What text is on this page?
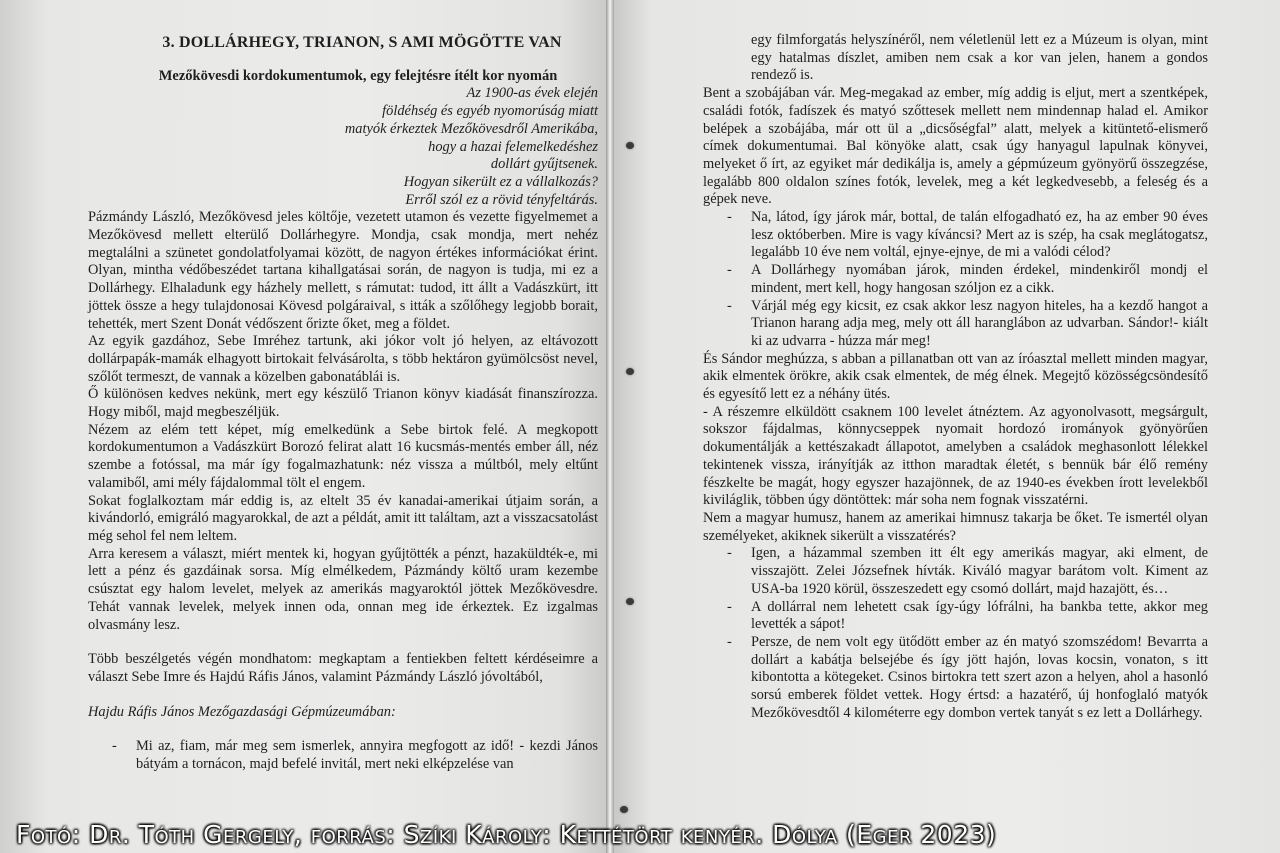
3. DOLLÁRHEGY, TRIANON, S AMI MÖGÖTTE VAN

Mezőkövesdi kordokumentumok, egy felejtésre ítélt kor nyomán

Az 1900-as évek elején

földéhség és egyéb nyomorúság miatt

matyók érkeztek Mezőkövesdről Amerikába,

hogy a hazai felemelkedéshez

dollárt gyűjtsenek.

Hogyan sikerült ez a vállalkozás?

Erről szól ez a rövid tényfeltárás.

Pázmándy László, Mezőkövesd jeles költője, vezetett utamon és vezette figyelmemet a Mezőkövesd mellett elterülő Dollárhegyre. Mondja, csak mondja, mert nehéz megtalálni a szünetet gondolatfolyamai között, de nagyon értékes információkat érint. Olyan, mintha védőbeszédet tartana kihallgatásai során, de nagyon is tudja, mi ez a Dollárhegy. Elhaladunk egy házhely mellett, s rámutat: tudod, itt állt a Vadászkürt, itt jöttek össze a hegy tulajdonosai Kövesd polgáraival, s itták a szőlőhegy legjobb borait, tehették, mert Szent Donát védőszent őrizte őket, meg a földet.

Az egyik gazdához, Sebe Imréhez tartunk, aki jókor volt jó helyen, az eltávozott dollárpapák-mamák elhagyott birtokait felvásárolta, s több hektáron gyümölcsöst nevel, szőlőt termeszt, de vannak a közelben gabonatáblái is.

Ő különösen kedves nekünk, mert egy készülő Trianon könyv kiadását finanszírozza. Hogy miből, majd megbeszéljük.

Nézem az elém tett képet, míg emelkedünk a Sebe birtok felé. A megkopott kordokumentumon a Vadászkürt Borozó felirat alatt 16 kucsmás-mentés ember áll, néz szembe a fotóssal, ma már így fogalmazhatunk: néz vissza a múltból, mely eltűnt valamiből, ami mély fájdalommal tölt el engem.

Sokat foglalkoztam már eddig is, az eltelt 35 év kanadai-amerikai útjaim során, a kivándorló, emigráló magyarokkal, de azt a példát, amit itt találtam, azt a visszacsatolást még sehol fel nem leltem.

Arra keresem a választ, miért mentek ki, hogyan gyűjtötték a pénzt, hazaküldték-e, mi lett a pénz és gazdáinak sorsa. Míg elmélkedem, Pázmándy költő uram kezembe csúsztat egy halom levelet, melyek az amerikás magyaroktól jöttek Mezőkövesdre. Tehát vannak levelek, melyek innen oda, onnan meg ide érkeztek. Ez izgalmas olvasmány lesz.

Több beszélgetés végén mondhatom: megkaptam a fentiekben feltett kérdéseimre a választ Sebe Imre és Hajdú Ráfis János, valamint Pázmándy László jóvoltából,

Hajdu Ráfis János Mezőgazdasági Gépmúzeumában:

- Mi az, fiam, már meg sem ismerlek, annyira megfogott az idő! - kezdi János bátyám a tornácon, majd befelé invitál, mert neki elképzelése van

egy filmforgatás helyszínéről, nem véletlenül lett ez a Múzeum is olyan, mint egy hatalmas díszlet, amiben nem csak a kor van jelen, hanem a gondos rendező is.

Bent a szobájában vár. Meg-megakad az ember, míg addig is eljut, mert a szentképek, családi fotók, fadíszek és matyó szőttesek mellett nem mindennap halad el. Amikor belépek a szobájába, már ott ül a „dicsőségfal” alatt, melyek a kitüntető-elismerő címek dokumentumai. Bal könyöke alatt, csak úgy hanyagul lapulnak könyvei, melyeket ő írt, az egyiket már dedikálja is, amely a gépmúzeum gyönyörű összegzése, legalább 800 oldalon színes fotók, levelek, meg a két legkedvesebb, a feleség és a gépek neve.

- Na, látod, így járok már, bottal, de talán elfogadható ez, ha az ember 90 éves lesz októberben. Mire is vagy kíváncsi? Mert az is szép, ha csak meglátogatsz, legalább 10 éve nem voltál, ejnye-ejnye, de mi a valódi célod?
- A Dollárhegy nyomában járok, minden érdekel, mindenkiről mondj el mindent, mert kell, hogy hangosan szóljon ez a cikk.
- Várjál még egy kicsit, ez csak akkor lesz nagyon hiteles, ha a kezdő hangot a Trianon harang adja meg, mely ott áll haranglábon az udvarban. Sándor!- kiált ki az udvarra - húzza már meg!

És Sándor meghúzza, s abban a pillanatban ott van az íróasztal mellett minden magyar, akik elmentek örökre, akik csak elmentek, de még élnek. Megejtő közösségcsöndesítő és egyesítő lett ez a néhány ütés.

- A részemre elküldött csaknem 100 levelet átnéztem. Az agyonolvasott, megsárgult, sokszor fájdalmas, könnycseppek nyomait hordozó irományok gyönyörűen dokumentálják a kettészakadt állapotot, amelyben a családok meghasonlott lélekkel tekintenek vissza, irányítják az itthon maradtak életét, s bennük bár élő remény fészkelte be magát, hogy egyszer hazajönnek, de az 1940-es években írott levelekből kiviláglik, többen úgy döntöttek: már soha nem fognak visszatérni.

Nem a magyar humusz, hanem az amerikai himnusz takarja be őket. Te ismertél olyan személyeket, akiknek sikerült a visszatérés?

- Igen, a házammal szemben itt élt egy amerikás magyar, aki elment, de visszajött. Zelei Józsefnek hívták. Kiváló magyar barátom volt. Kiment az USA-ba 1920 körül, összeszedett egy csomó dollárt, majd hazajött, és…
- A dollárral nem lehetett csak így-úgy lófrálni, ha bankba tette, akkor meg levették a sápot!
- Persze, de nem volt egy ütődött ember az én matyó szomszédom! Bevarrta a dollárt a kabátja belsejébe és így jött hajón, lovas kocsin, vonaton, s itt kibontotta a kötegeket. Csinos birtokra tett szert azon a helyen, ahol a hasonló sorsú emberek földet vettek. Hogy értsd: a hazatérő, új honfoglaló matyók Mezőkövesdtől 4 kilométerre egy dombon vertek tanyát s ez lett a Dollárhegy.
Fotó: Dr. Tóth Gergely, forrás: Szíki Károly: Kettétört kenyér. Dólya (Eger 2023)
